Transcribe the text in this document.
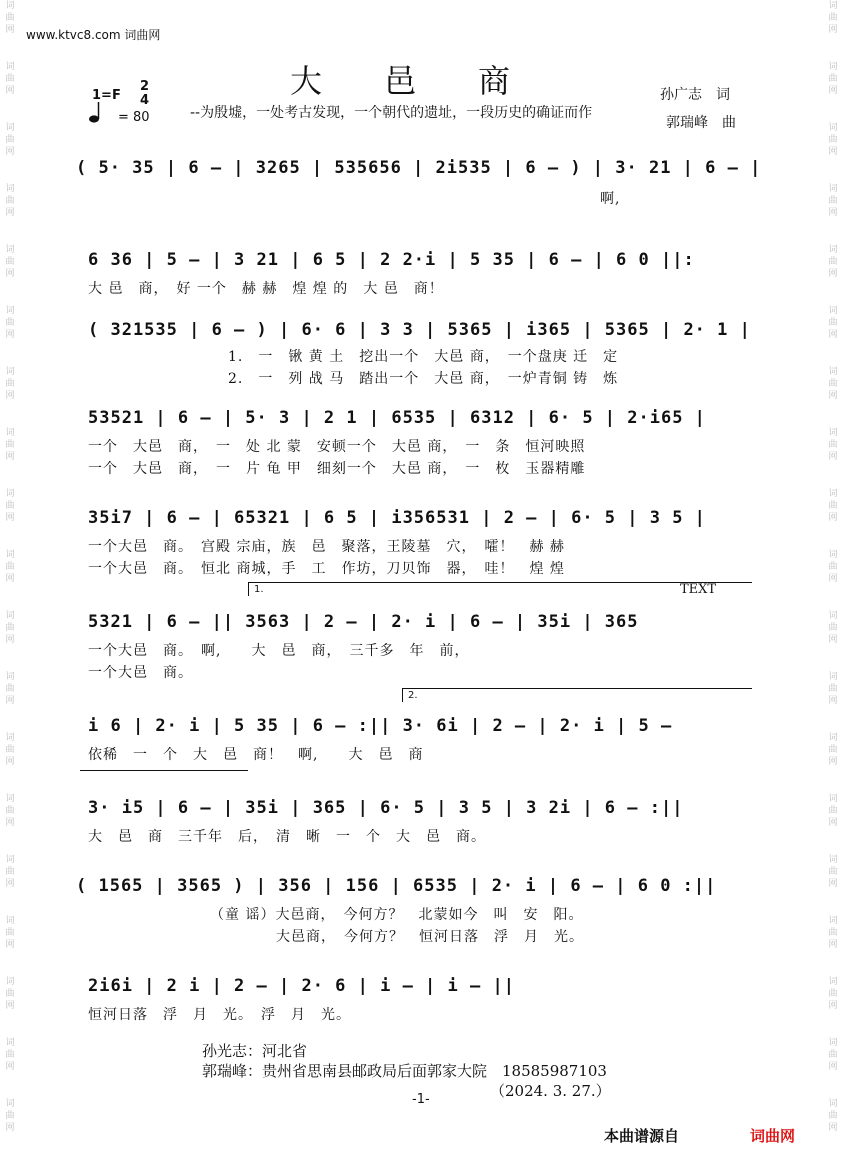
词
曲
网
词
曲
网
词
曲
网
词
曲
网
词
曲
网
词
曲
网
词
曲
网
词
曲
网
词
曲
网
词
曲
网
词
曲
网
词
曲
网
词
曲
网
词
曲
网
词
曲
网
词
曲
网
词
曲
网
词
曲
网
词
曲
网
词
曲
网
词
曲
网
词
曲
网
词
曲
网
词
曲
网
词
曲
网
词
曲
网
词
曲
网
词
曲
网
词
曲
网
词
曲
网
词
曲
网
词
曲
网
词
曲
网
词
曲
网
词
曲
网
词
曲
网
词
曲
网
词
曲
网
www.ktvc8.com 词曲网
大邑商
1=F
2
4
= 80	--为殷墟，一处考古发现，一个朝代的遗址，一段历史的确证而作
孙广志　词
郭瑞峰　曲
( 5· 35 | 6 – | 3265 | 535656 | 2i535 | 6 – ) | 3· 21 | 6 – |
啊,
6 36 | 5 – | 3 21 | 6 5 | 2 2·i | 5 35 | 6 – | 6 0 ||:
大 邑　商，　好 一个　赫 赫　煌 煌 的　大 邑　商！
( 321535 | 6 – ) | 6· 6 | 3 3 | 5365 | i365 | 5365 | 2· 1 |
1.　一　锹 黄 土　挖出一个　大邑 商，　一个盘庚 迁　定
2.　一　列 战 马　踏出一个　大邑 商，　一炉青铜 铸　炼
53521 | 6 – | 5· 3 | 2 1 | 6535 | 6312 | 6· 5 | 2·i65 |
一个　大邑　商，　一　处 北 蒙　安顿一个　大邑 商，　一　条　恒河映照
一个　大邑　商，　一　片 龟 甲　细刻一个　大邑 商，　一　枚　玉器精雕
35i7 | 6 – | 65321 | 6 5 | i356531 | 2 – | 6· 5 | 3 5 |
一个大邑　商。　宫殿 宗庙，族　邑　聚落，王陵墓　穴，　嚯！　赫 赫
一个大邑　商。　恒北 商城，手　工　作坊，刀贝饰　器，　哇！　煌 煌
1.	TEXT
5321 | 6 – || 3563 | 2 – | 2· i | 6 – | 35i | 365
一个大邑　商。　啊,　　大　邑　商，　三千多　年　前，
一个大邑　商。
2.
i 6 | 2· i | 5 35 | 6 – :|| 3· 6i | 2 – | 2· i | 5 –
依稀　一　个　大　邑　商！　啊,　　大　邑　商
3· i5 | 6 – | 35i | 365 | 6· 5 | 3 5 | 3 2i | 6 – :||
大　邑　商　三千年　后，　清　晰　一　个　大　邑　商。
( 1565 | 3565 ) | 356 | 156 | 6535 | 2· i | 6 – | 6 0 :||
（童 谣）大邑商，　今何方？　北蒙如今　叫　安　阳。
大邑商，　今何方？　恒河日落　浮　月　光。
2i6i | 2 i | 2 – | 2· 6 | i – | i – ||
恒河日落　浮　月　光。　浮　月　光。
孙光志：河北省
郭瑞峰：贵州省思南县邮政局后面郭家大院　18585987103
（2024. 3. 27.）
-1-
本曲谱源自	词曲网
